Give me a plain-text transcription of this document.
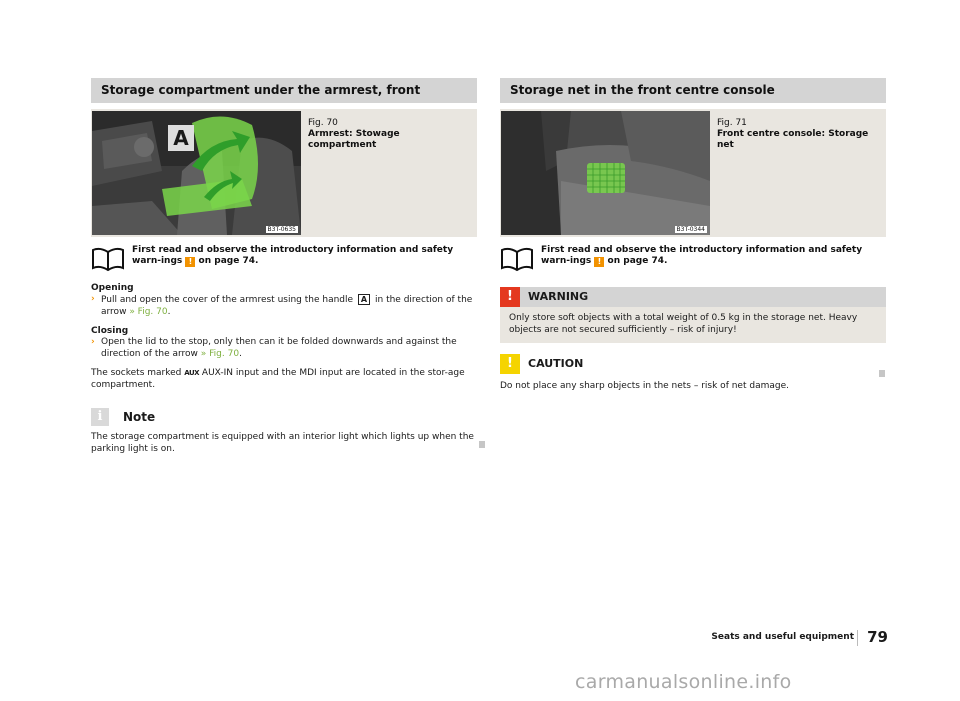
Storage compartment under the armrest, front
A
B3T-0635
Fig. 70
Armrest: Stowage compartment
First read and observe the introductory information and safety warn-ings ! on page 74.
Opening
› Pull and open the cover of the armrest using the handle A in the direction of the arrow » Fig. 70.
Closing
› Open the lid to the stop, only then can it be folded downwards and against the direction of the arrow » Fig. 70.
The sockets marked AUX AUX-IN input and the MDI input are located in the stor-age compartment.
i	Note
The storage compartment is equipped with an interior light which lights up when the parking light is on.
Storage net in the front centre console
B3T-0344
Fig. 71
Front centre console: Storage net
First read and observe the introductory information and safety warn-ings ! on page 74.
!	WARNING
Only store soft objects with a total weight of 0.5 kg in the storage net. Heavy objects are not secured sufficiently – risk of injury!
!	CAUTION
Do not place any sharp objects in the nets – risk of net damage.
Seats and useful equipment 79
carmanualsonline.info
